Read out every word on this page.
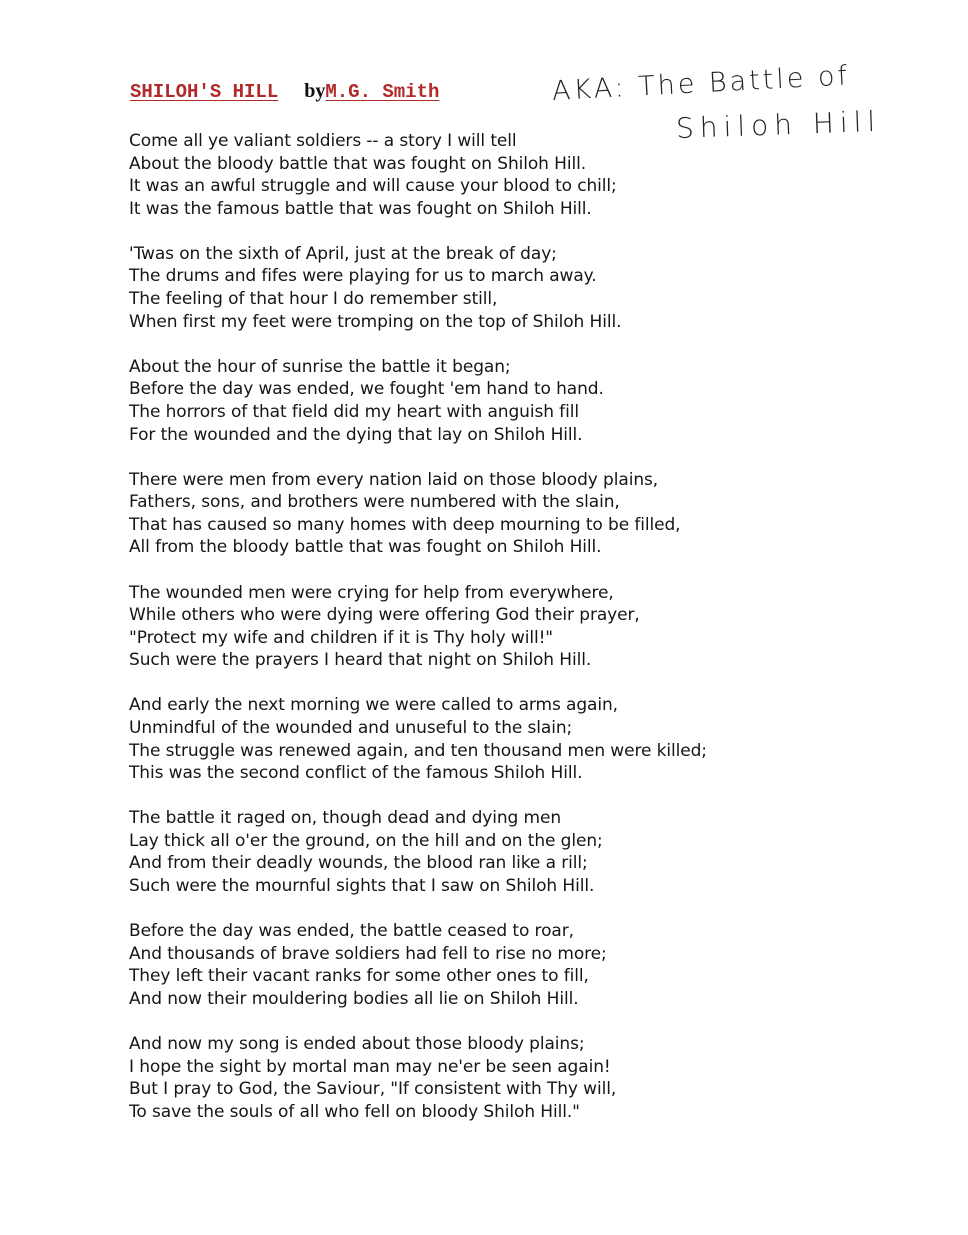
SHILOH'S HILL byM.G. Smith	AKA: The Battle of
Shiloh Hill
Come all ye valiant soldiers -- a story I will tell
About the bloody battle that was fought on Shiloh Hill.
It was an awful struggle and will cause your blood to chill;
It was the famous battle that was fought on Shiloh Hill.
'Twas on the sixth of April, just at the break of day;
The drums and fifes were playing for us to march away.
The feeling of that hour I do remember still,
When first my feet were tromping on the top of Shiloh Hill.
About the hour of sunrise the battle it began;
Before the day was ended, we fought 'em hand to hand.
The horrors of that field did my heart with anguish fill
For the wounded and the dying that lay on Shiloh Hill.
There were men from every nation laid on those bloody plains,
Fathers, sons, and brothers were numbered with the slain,
That has caused so many homes with deep mourning to be filled,
All from the bloody battle that was fought on Shiloh Hill.
The wounded men were crying for help from everywhere,
While others who were dying were offering God their prayer,
"Protect my wife and children if it is Thy holy will!"
Such were the prayers I heard that night on Shiloh Hill.
And early the next morning we were called to arms again,
Unmindful of the wounded and unuseful to the slain;
The struggle was renewed again, and ten thousand men were killed;
This was the second conflict of the famous Shiloh Hill.
The battle it raged on, though dead and dying men
Lay thick all o'er the ground, on the hill and on the glen;
And from their deadly wounds, the blood ran like a rill;
Such were the mournful sights that I saw on Shiloh Hill.
Before the day was ended, the battle ceased to roar,
And thousands of brave soldiers had fell to rise no more;
They left their vacant ranks for some other ones to fill,
And now their mouldering bodies all lie on Shiloh Hill.
And now my song is ended about those bloody plains;
I hope the sight by mortal man may ne'er be seen again!
But I pray to God, the Saviour, "If consistent with Thy will,
To save the souls of all who fell on bloody Shiloh Hill."
